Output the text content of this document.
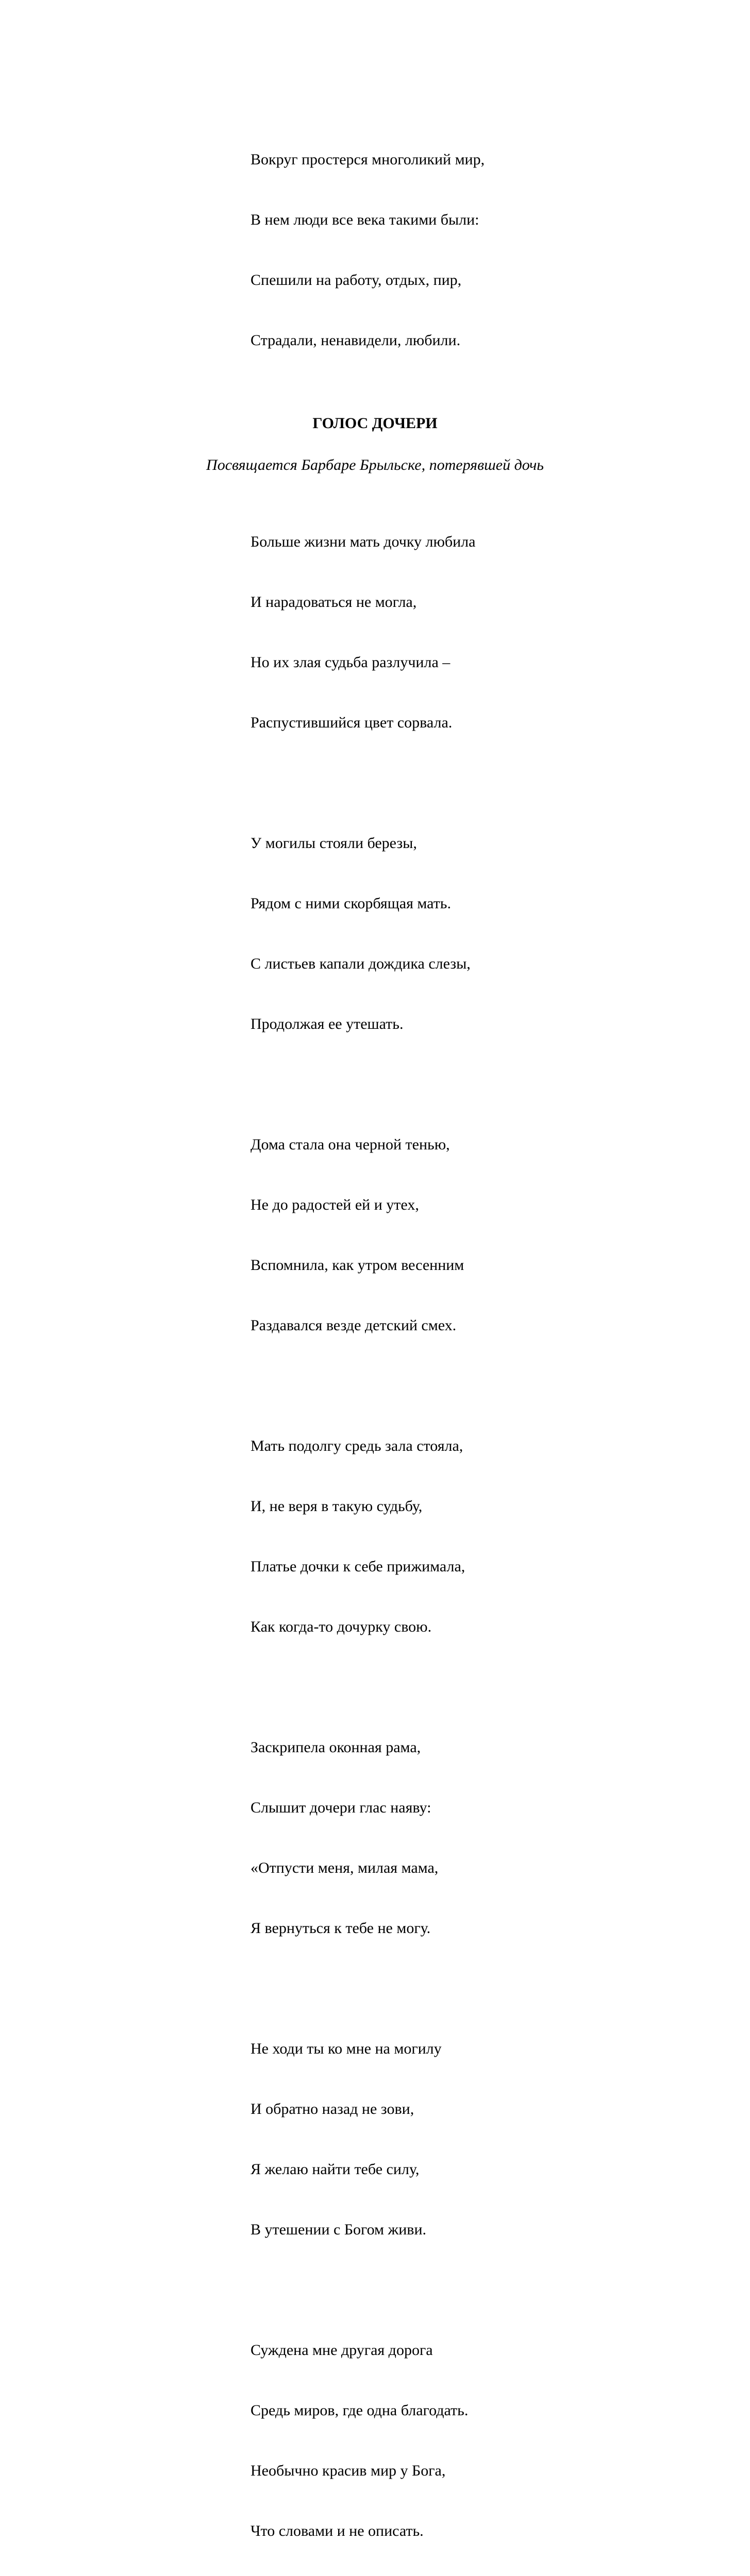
Вокруг простерся многоликий мир,

В нем люди все века такими были:

Спешили на работу, отдых, пир,

Страдали, ненавидели, любили.

ГОЛОС ДОЧЕРИ
Посвящается Барбаре Брыльске, потерявшей дочь

Больше жизни мать дочку любила

И нарадоваться не могла,

Но их злая судьба разлучила –

Распустившийся цвет сорвала.

У могилы стояли березы,

Рядом с ними скорбящая мать.

С листьев капали дождика слезы,

Продолжая ее утешать.

Дома стала она черной тенью,

Не до радостей ей и утех,

Вспомнила, как утром весенним

Раздавался везде детский смех.

Мать подолгу средь зала стояла,

И, не веря в такую судьбу,

Платье дочки к себе прижимала,

Как когда-то дочурку свою.

Заскрипела оконная рама,

Слышит дочери глас наяву:

«Отпусти меня, милая мама,

Я вернуться к тебе не могу.

Не ходи ты ко мне на могилу

И обратно назад не зови,

Я желаю найти тебе силу,

В утешении с Богом живи.

Суждена мне другая дорога

Средь миров, где одна благодать.

Необычно красив мир у Бога,

Что словами и не описать.
